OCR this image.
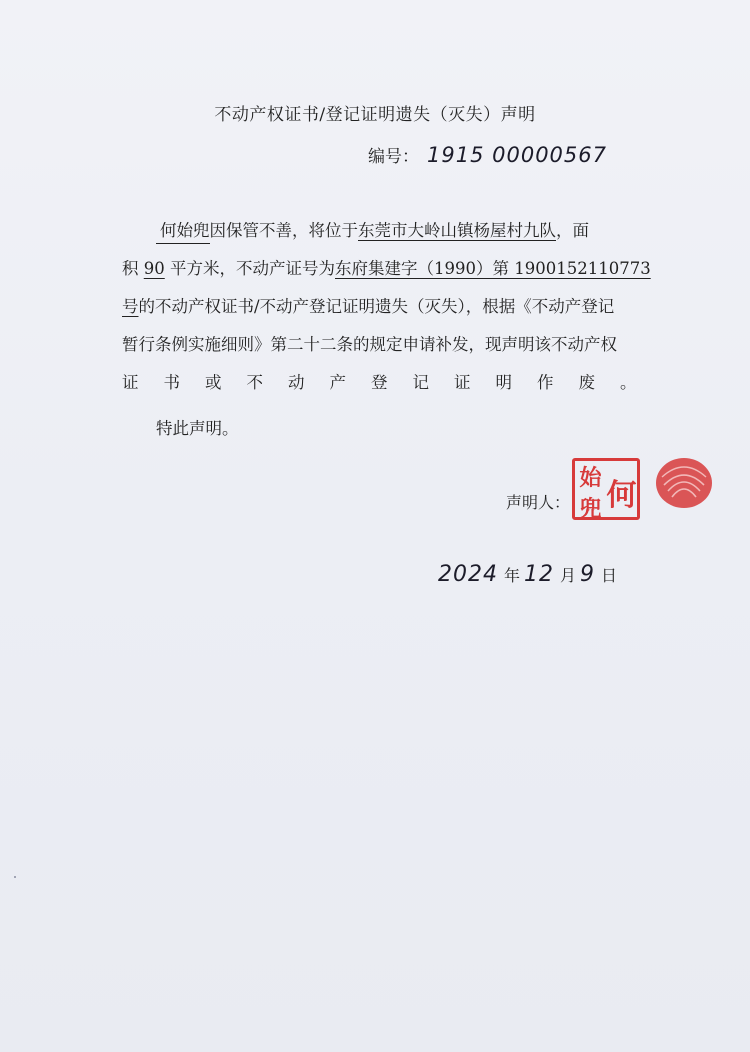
不动产权证书/登记证明遗失（灭失）声明
编号： 1915 00000567
何始兜因保管不善，将位于东莞市大岭山镇杨屋村九队，面
积 90 平方米，不动产证号为东府集建字（1990）第 1900152110773
号的不动产权证书/不动产登记证明遗失（灭失），根据《不动产登记
暂行条例实施细则》第二十二条的规定申请补发，现声明该不动产权
证书或不动产登记证明作废。
特此声明。
声明人： 何
始
兜
2024 年 12 月 9 日
